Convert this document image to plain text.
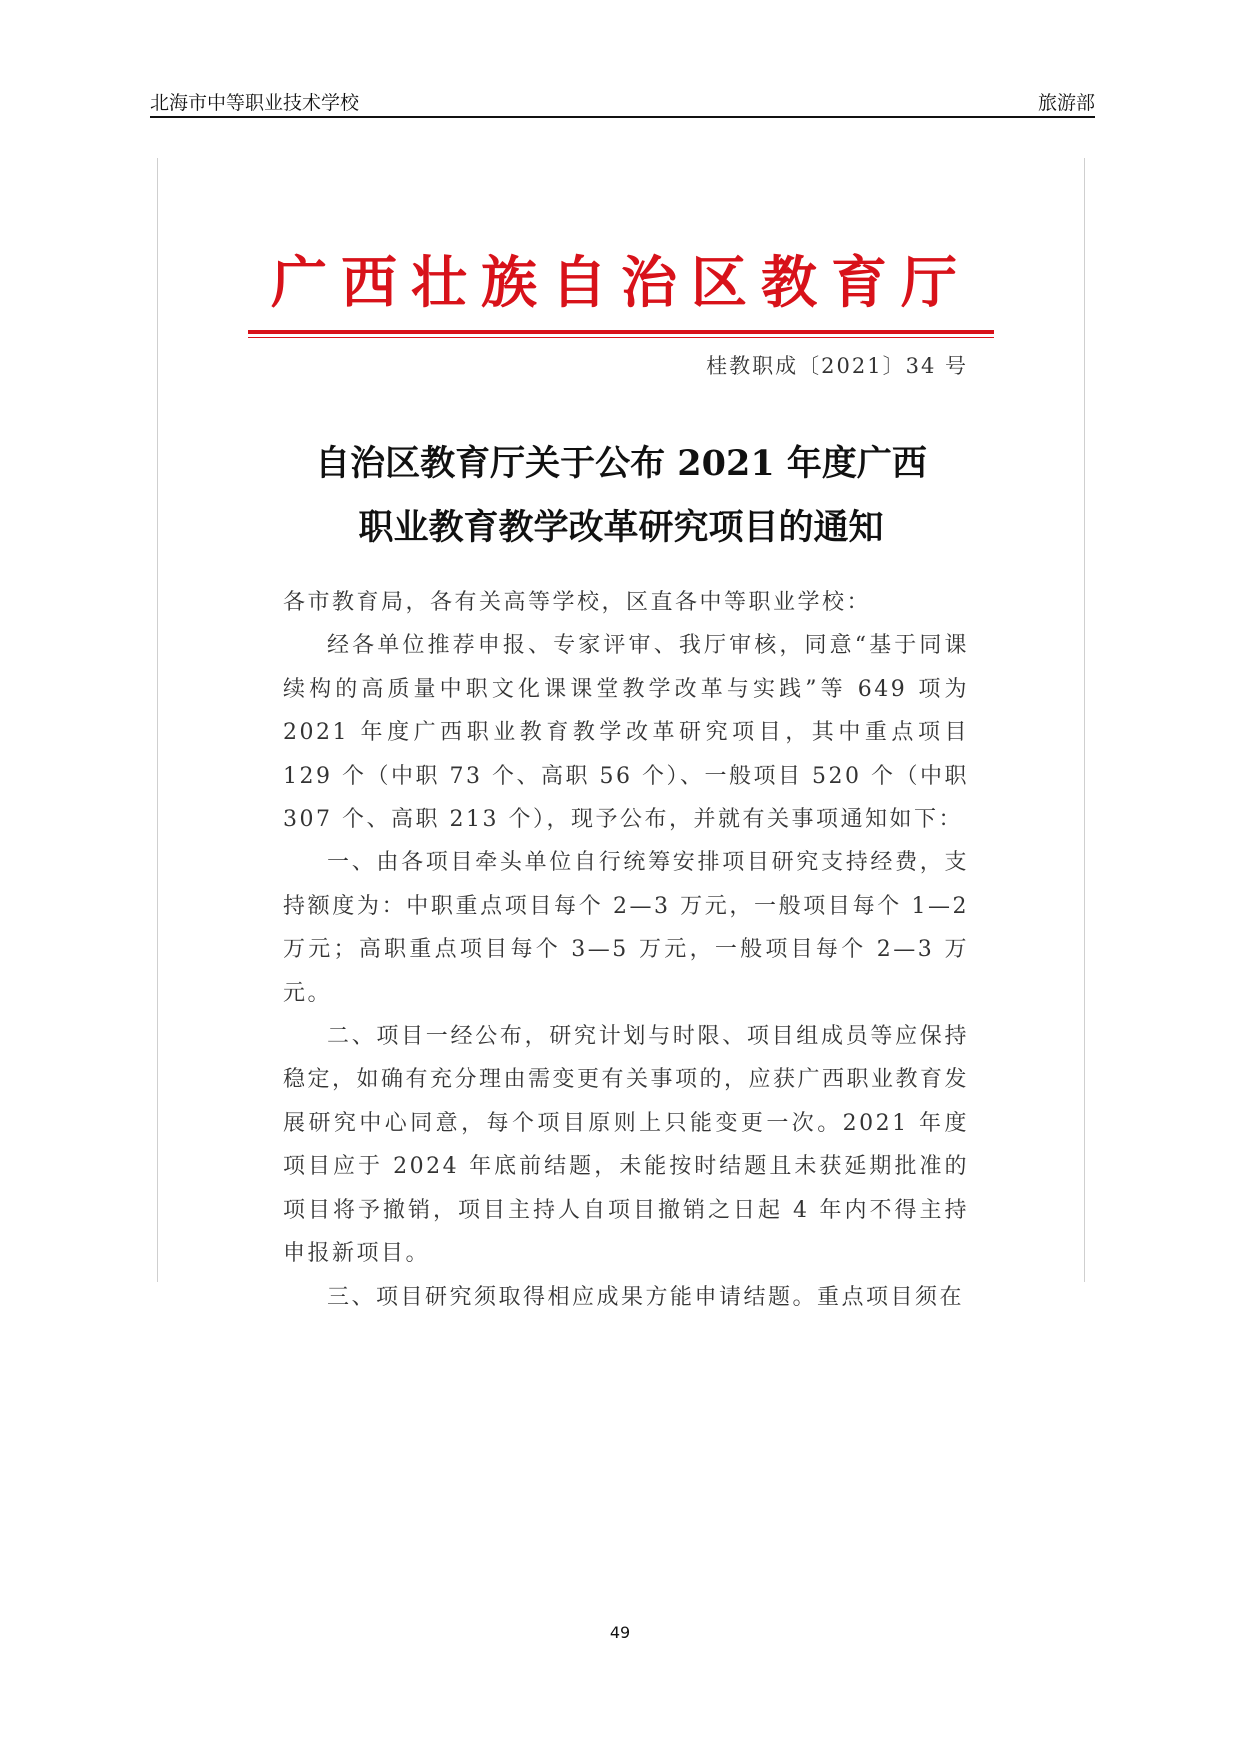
北海市中等职业技术学校	旅游部
广西壮族自治区教育厅
桂教职成〔2021〕34 号
自治区教育厅关于公布 2021 年度广西
职业教育教学改革研究项目的通知

各市教育局，各有关高等学校，区直各中等职业学校：

经各单位推荐申报、专家评审、我厅审核，同意“基于同课续构的高质量中职文化课课堂教学改革与实践”等 649 项为 2021 年度广西职业教育教学改革研究项目，其中重点项目 129 个（中职 73 个、高职 56 个）、一般项目 520 个（中职 307 个、高职 213 个），现予公布，并就有关事项通知如下：

一、由各项目牵头单位自行统筹安排项目研究支持经费，支持额度为：中职重点项目每个 2—3 万元，一般项目每个 1—2 万元；高职重点项目每个 3—5 万元，一般项目每个 2—3 万元。

二、项目一经公布，研究计划与时限、项目组成员等应保持稳定，如确有充分理由需变更有关事项的，应获广西职业教育发展研究中心同意，每个项目原则上只能变更一次。2021 年度项目应于 2024 年底前结题，未能按时结题且未获延期批准的项目将予撤销，项目主持人自项目撤销之日起 4 年内不得主持申报新项目。

三、项目研究须取得相应成果方能申请结题。重点项目须在

49
